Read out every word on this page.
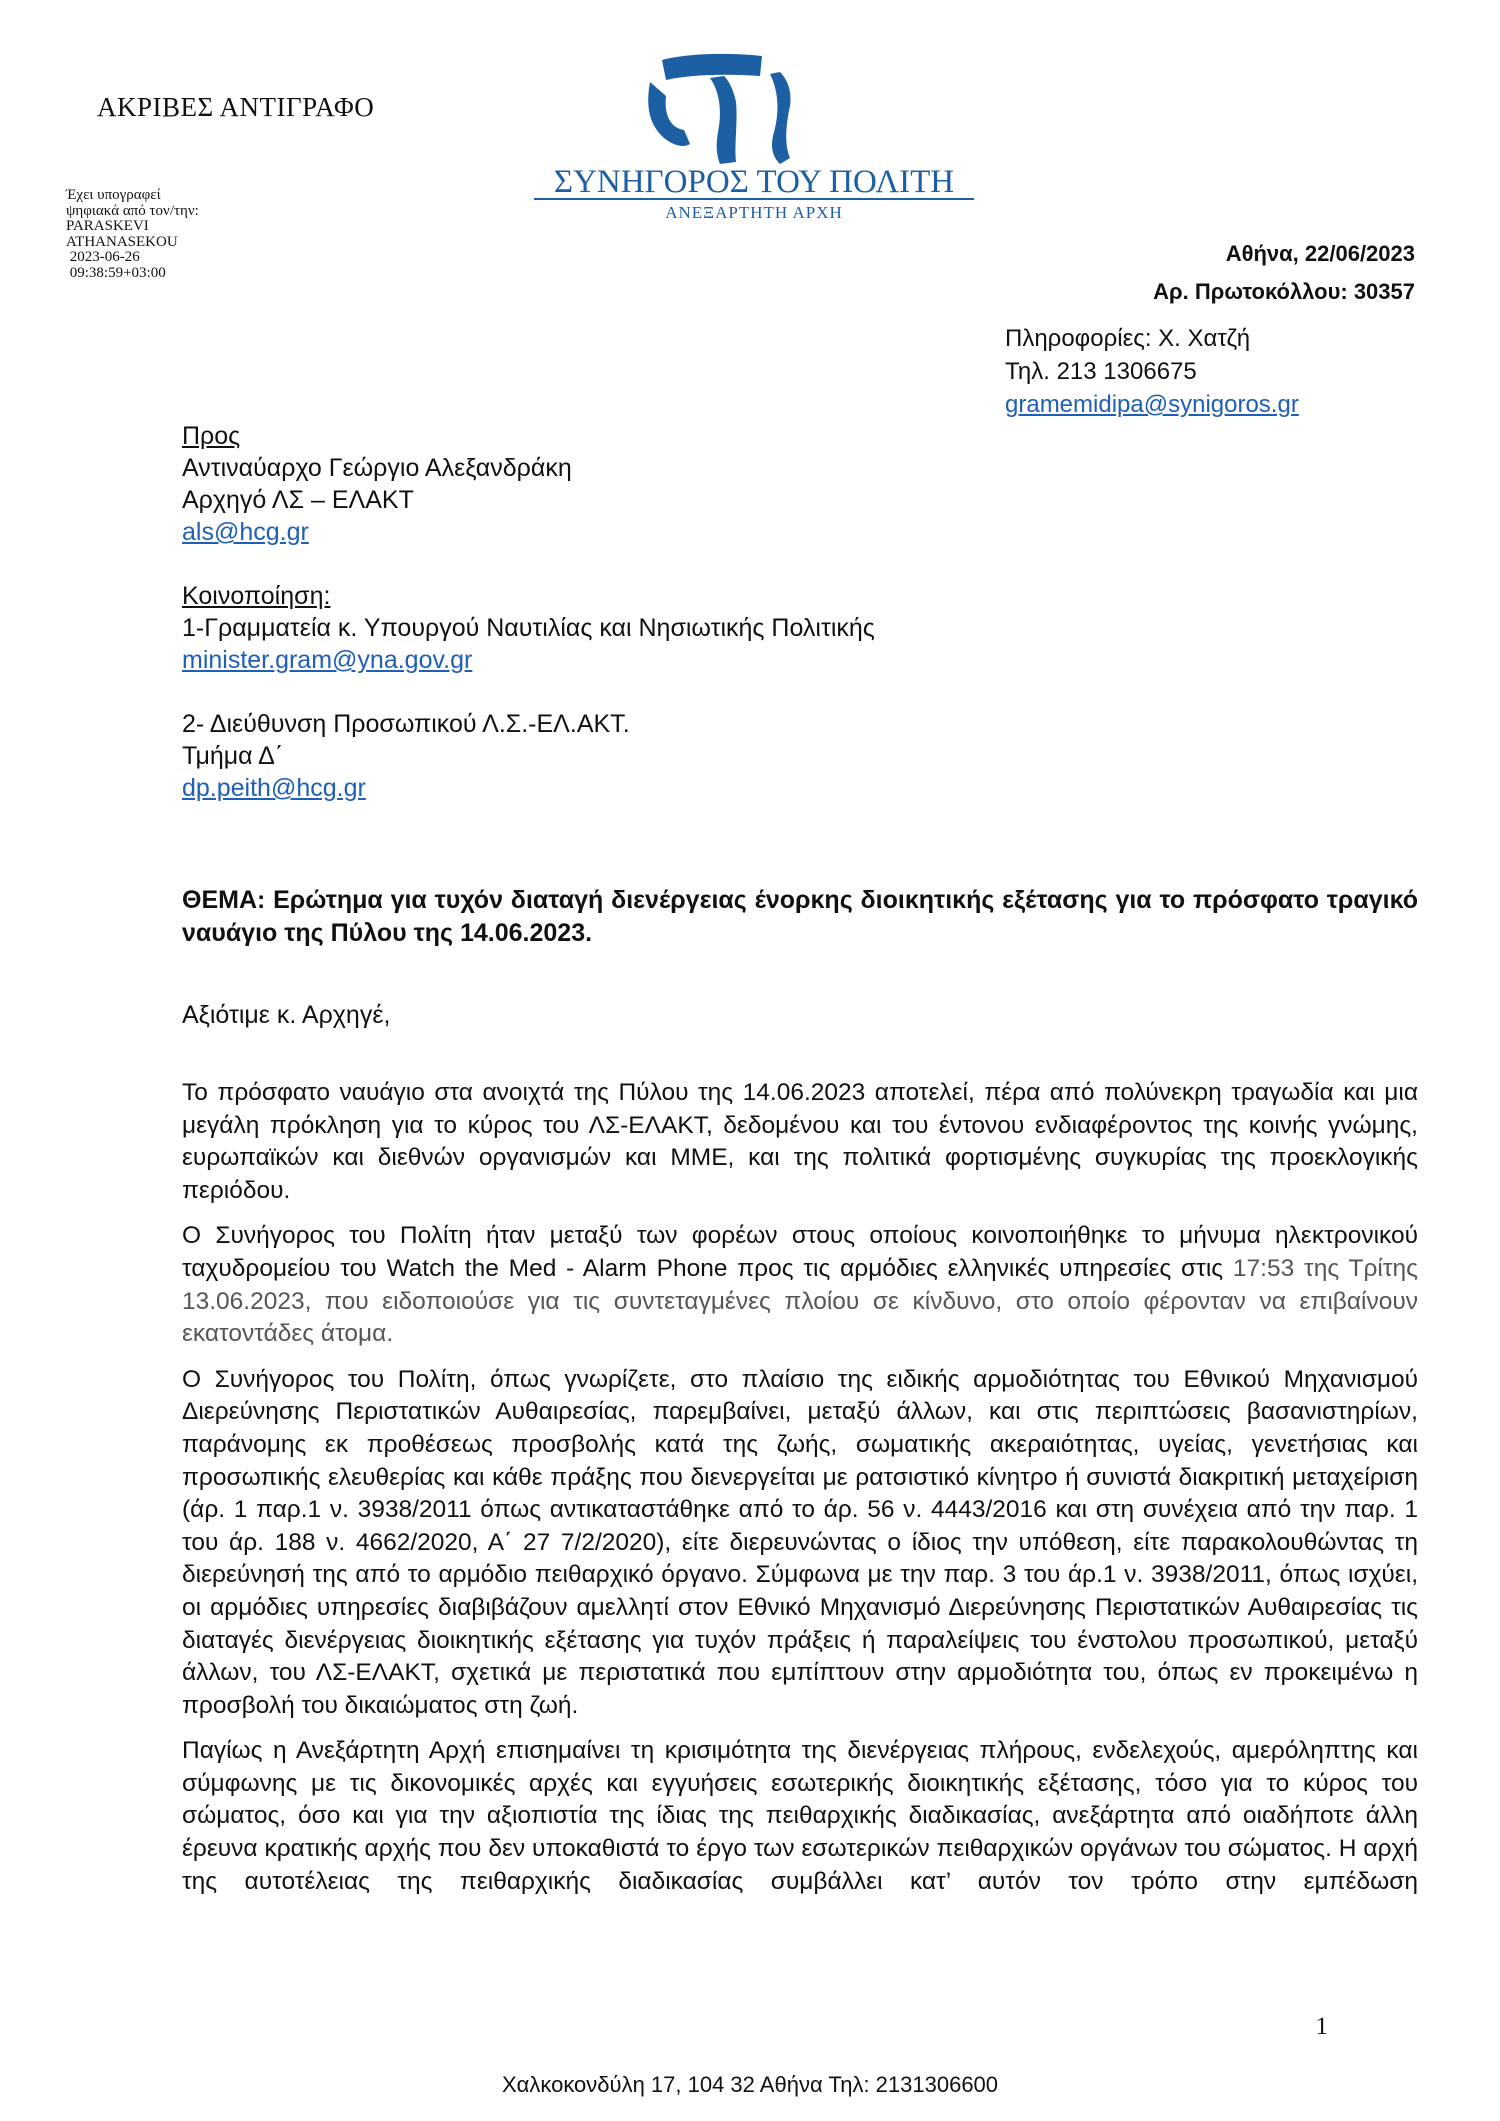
ΑΚΡΙΒΕΣ ΑΝΤΙΓΡΑΦΟ
Έχει υπογραφεί
ψηφιακά από τον/την:
PARASKEVI
ATHANASEKOU
2023-06-26
09:38:59+03:00
ΣΥΝΗΓΟΡΟΣ ΤΟΥ ΠΟΛΙΤΗ
ΑΝΕΞΑΡΤΗΤΗ ΑΡΧΗ
Αθήνα, 22/06/2023
Αρ. Πρωτοκόλλου: 30357
Πληροφορίες: Χ. Χατζή
Τηλ. 213 1306675
gramemidipa@synigoros.gr
Προς
Αντιναύαρχο Γεώργιο Αλεξανδράκη
Αρχηγό ΛΣ – ΕΛΑΚΤ
als@hcg.gr
Κοινοποίηση:
1-Γραμματεία κ. Υπουργού Ναυτιλίας και Νησιωτικής Πολιτικής
minister.gram@yna.gov.gr
2- Διεύθυνση Προσωπικού Λ.Σ.-ΕΛ.ΑΚΤ.
Τμήμα Δ΄
dp.peith@hcg.gr
ΘΕΜΑ: Ερώτημα για τυχόν διαταγή διενέργειας ένορκης διοικητικής εξέτασης για το πρόσφατο τραγικό ναυάγιο της Πύλου της 14.06.2023.
Αξιότιμε κ. Αρχηγέ,

Το πρόσφατο ναυάγιο στα ανοιχτά της Πύλου της 14.06.2023 αποτελεί, πέρα από πολύνεκρη τραγωδία και μια μεγάλη πρόκληση για το κύρος του ΛΣ-ΕΛΑΚΤ, δεδομένου και του έντονου ενδιαφέροντος της κοινής γνώμης, ευρωπαϊκών και διεθνών οργανισμών και ΜΜΕ, και της πολιτικά φορτισμένης συγκυρίας της προεκλογικής περιόδου.

Ο Συνήγορος του Πολίτη ήταν μεταξύ των φορέων στους οποίους κοινοποιήθηκε το μήνυμα ηλεκτρονικού ταχυδρομείου του Watch the Med - Alarm Phone προς τις αρμόδιες ελληνικές υπηρεσίες στις 17:53 της Τρίτης 13.06.2023, που ειδοποιούσε για τις συντεταγμένες πλοίου σε κίνδυνο, στο οποίο φέρονταν να επιβαίνουν εκατοντάδες άτομα.

Ο Συνήγορος του Πολίτη, όπως γνωρίζετε, στο πλαίσιο της ειδικής αρμοδιότητας του Εθνικού Μηχανισμού Διερεύνησης Περιστατικών Αυθαιρεσίας, παρεμβαίνει, μεταξύ άλλων, και στις περιπτώσεις βασανιστηρίων, παράνομης εκ προθέσεως προσβολής κατά της ζωής, σωματικής ακεραιότητας, υγείας, γενετήσιας και προσωπικής ελευθερίας και κάθε πράξης που διενεργείται με ρατσιστικό κίνητρο ή συνιστά διακριτική μεταχείριση (άρ. 1 παρ.1 ν. 3938/2011 όπως αντικαταστάθηκε από το άρ. 56 ν. 4443/2016 και στη συνέχεια από την παρ. 1 του άρ. 188 ν. 4662/2020, Α΄ 27 7/2/2020), είτε διερευνώντας ο ίδιος την υπόθεση, είτε παρακολουθώντας τη διερεύνησή της από το αρμόδιο πειθαρχικό όργανο. Σύμφωνα με την παρ. 3 του άρ.1 ν. 3938/2011, όπως ισχύει, οι αρμόδιες υπηρεσίες διαβιβάζουν αμελλητί στον Εθνικό Μηχανισμό Διερεύνησης Περιστατικών Αυθαιρεσίας τις διαταγές διενέργειας διοικητικής εξέτασης για τυχόν πράξεις ή παραλείψεις του ένστολου προσωπικού, μεταξύ άλλων, του ΛΣ-ΕΛΑΚΤ, σχετικά με περιστατικά που εμπίπτουν στην αρμοδιότητα του, όπως εν προκειμένω η προσβολή του δικαιώματος στη ζωή.

Παγίως η Ανεξάρτητη Αρχή επισημαίνει τη κρισιμότητα της διενέργειας πλήρους, ενδελεχούς, αμερόληπτης και σύμφωνης με τις δικονομικές αρχές και εγγυήσεις εσωτερικής διοικητικής εξέτασης, τόσο για το κύρος του σώματος, όσο και για την αξιοπιστία της ίδιας της πειθαρχικής διαδικασίας, ανεξάρτητα από οιαδήποτε άλλη έρευνα κρατικής αρχής που δεν υποκαθιστά το έργο των εσωτερικών πειθαρχικών οργάνων του σώματος. Η αρχή της αυτοτέλειας της πειθαρχικής διαδικασίας συμβάλλει κατ’ αυτόν τον τρόπο στην εμπέδωση

1
Χαλκοκονδύλη 17, 104 32 Αθήνα Τηλ: 2131306600
